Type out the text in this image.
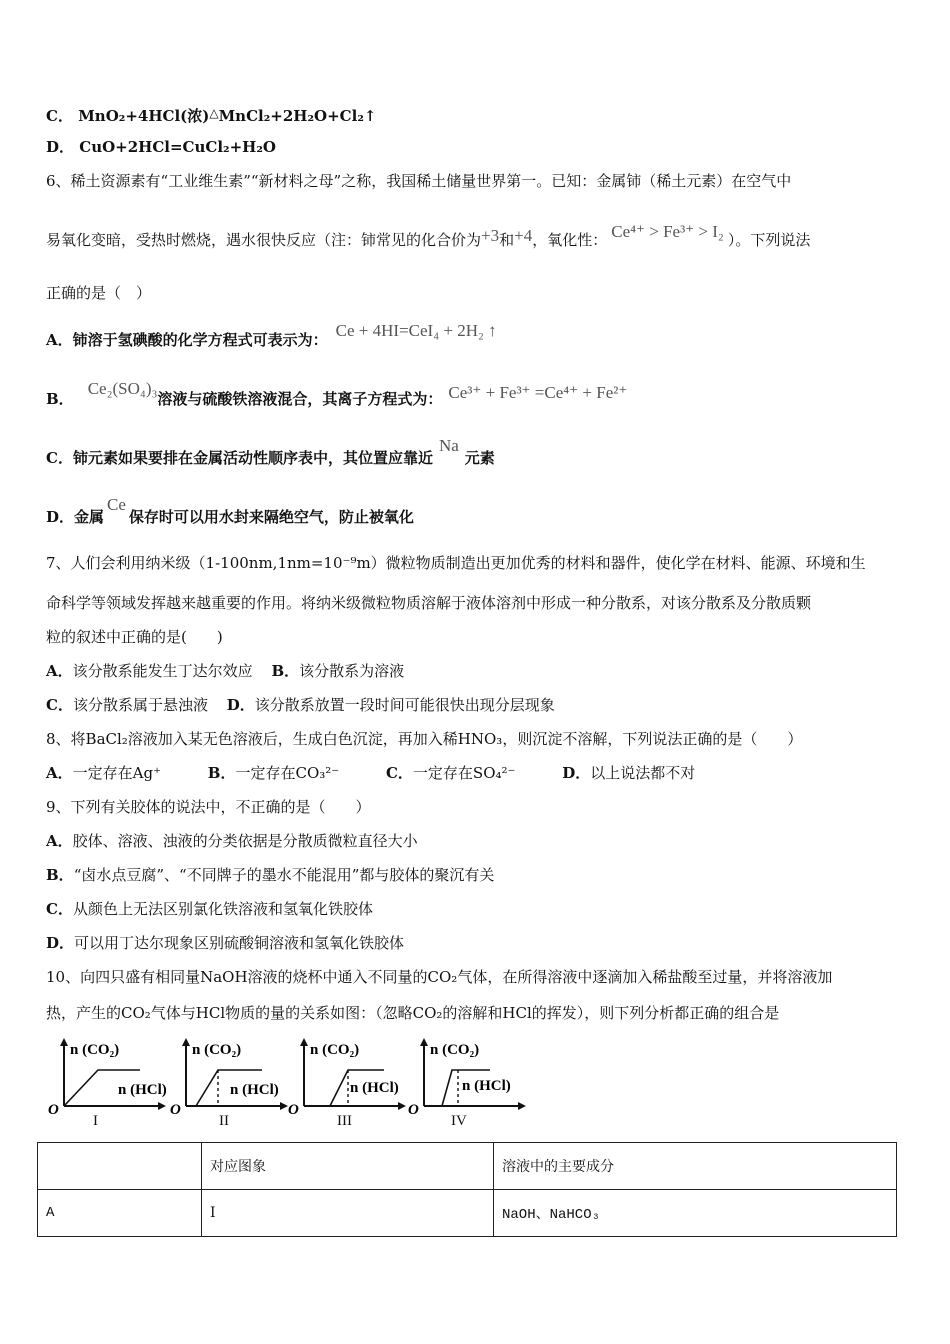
C． MnO₂+4HCl(浓)△MnCl₂+2H₂O+Cl₂↑
D． CuO+2HCl=CuCl₂+H₂O
6、稀土资源素有“工业维生素”“新材料之母”之称，我国稀土储量世界第一。已知：金属铈（稀土元素）在空气中
易氧化变暗，受热时燃烧，遇水很快反应（注：铈常见的化合价为+3和+4，氧化性： Ce⁴⁺ > Fe³⁺ > I₂ ）。下列说法
正确的是（　）
A．铈溶于氢碘酸的化学方程式可表示为： Ce + 4HI=CeI₄ + 2H₂ ↑
B．Ce₂(SO₄)₃溶液与硫酸铁溶液混合，其离子方程式为： Ce³⁺ + Fe³⁺ =Ce⁴⁺ + Fe²⁺
C．铈元素如果要排在金属活动性顺序表中，其位置应靠近Na元素
D．金属Ce保存时可以用水封来隔绝空气，防止被氧化
7、人们会利用纳米级（1-100nm,1nm=10⁻⁹m）微粒物质制造出更加优秀的材料和器件，使化学在材料、能源、环境和生
命科学等领域发挥越来越重要的作用。将纳米级微粒物质溶解于液体溶剂中形成一种分散系，对该分散系及分散质颗
粒的叙述中正确的是(　　)
A．该分散系能发生丁达尔效应 B．该分散系为溶液
C．该分散系属于悬浊液 D．该分散系放置一段时间可能很快出现分层现象
8、将BaCl₂溶液加入某无色溶液后，生成白色沉淀，再加入稀HNO₃，则沉淀不溶解，下列说法正确的是（　　）
A．一定存在Ag⁺	B．一定存在CO₃²⁻	C．一定存在SO₄²⁻	D．以上说法都不对
9、下列有关胶体的说法中，不正确的是（　　）
A．胶体、溶液、浊液的分类依据是分散质微粒直径大小
B．“卤水点豆腐”、“不同牌子的墨水不能混用”都与胶体的聚沉有关
C．从颜色上无法区别氯化铁溶液和氢氧化铁胶体
D．可以用丁达尔现象区别硫酸铜溶液和氢氧化铁胶体
10、向四只盛有相同量NaOH溶液的烧杯中通入不同量的CO₂气体，在所得溶液中逐滴加入稀盐酸至过量，并将溶液加
热，产生的CO₂气体与HCl物质的量的关系如图：（忽略CO₂的溶解和HCl的挥发），则下列分析都正确的组合是
n (CO₂)
n (HCl)
O
I
n (CO₂)
n (HCl)
O
II
n (CO₂)
n (HCl)
O
III
n (CO₂)
n (HCl)
O
IV
	对应图象	溶液中的主要成分
A	Ⅰ	NaOH、NaHCO₃
